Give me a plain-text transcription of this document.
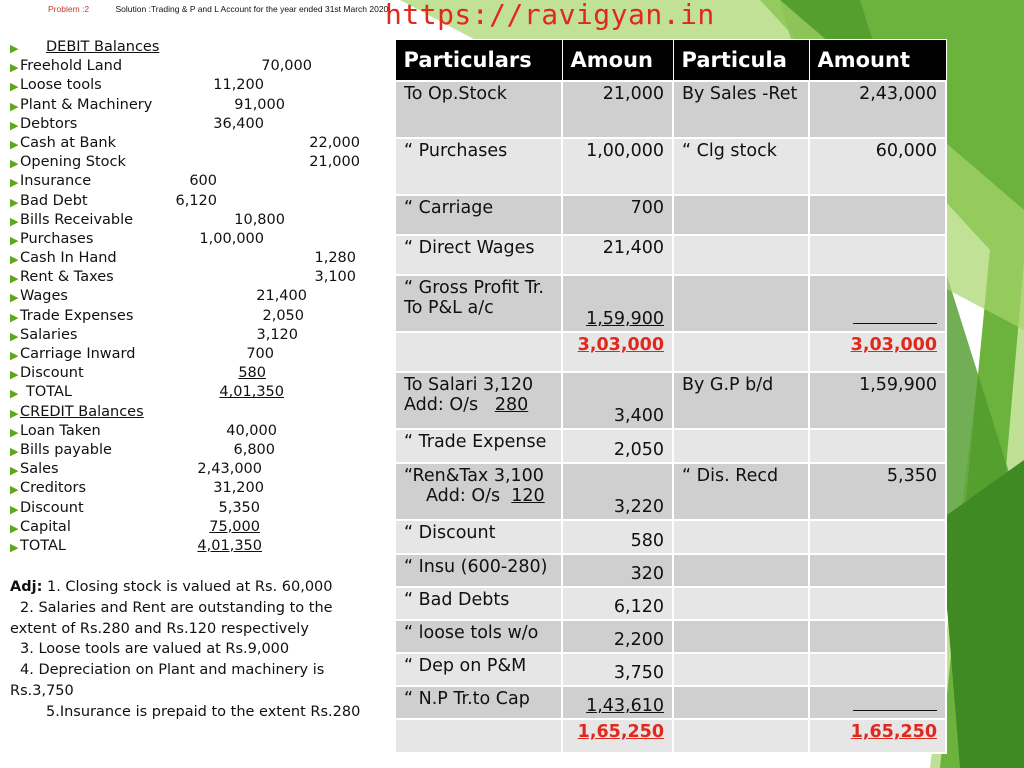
Problem :2	Solution :Trading & P and L Account for the year ended 31st March 2020
https://ravigyan.in
▶ DEBIT Balances
▶ Freehold Land	70,000
▶ Loose tools	11,200
▶ Plant & Machinery	91,000
▶ Debtors	36,400
▶ Cash at Bank	22,000
▶ Opening Stock	21,000
▶ Insurance	600
▶ Bad Debt	6,120
▶ Bills Receivable	10,800
▶ Purchases	1,00,000
▶ Cash In Hand	1,280
▶ Rent & Taxes	3,100
▶ Wages	21,400
▶ Trade Expenses	2,050
▶ Salaries	3,120
▶ Carriage Inward	700
▶ Discount	580
▶ TOTAL	4,01,350
▶ CREDIT Balances
▶ Loan Taken	40,000
▶ Bills payable	6,800
▶ Sales	2,43,000
▶ Creditors	31,200
▶ Discount	5,350
▶ Capital	75,000
▶ TOTAL	4,01,350
Adj: 1. Closing stock is valued at Rs. 60,000
2. Salaries and Rent are outstanding to the
extent of Rs.280 and Rs.120 respectively
3. Loose tools are valued at Rs.9,000
4. Depreciation on Plant and machinery is
Rs.3,750
5.Insurance is prepaid to the extent Rs.280
Particulars	Amoun	Particula	Amount
To Op.Stock	21,000	By Sales -Ret	2,43,000
“ Purchases	1,00,000	“ Clg stock	60,000
“ Carriage	700		
“ Direct Wages	21,400		
“ Gross Profit Tr. To P&L a/c	1,59,900		
	3,03,000		3,03,000

To Salari 3,120
Add: O/s 280	3,400	By G.P b/d	1,59,900
“ Trade Expense	2,050		

“Ren&Tax 3,100
Add: O/s 120	3,220	“ Dis. Recd	5,350
“ Discount	580		
“ Insu (600-280)	320		
“ Bad Debts	6,120		
“ loose tols w/o	2,200		
“ Dep on P&M	3,750		
“ N.P Tr.to Cap	1,43,610		
	1,65,250		1,65,250
